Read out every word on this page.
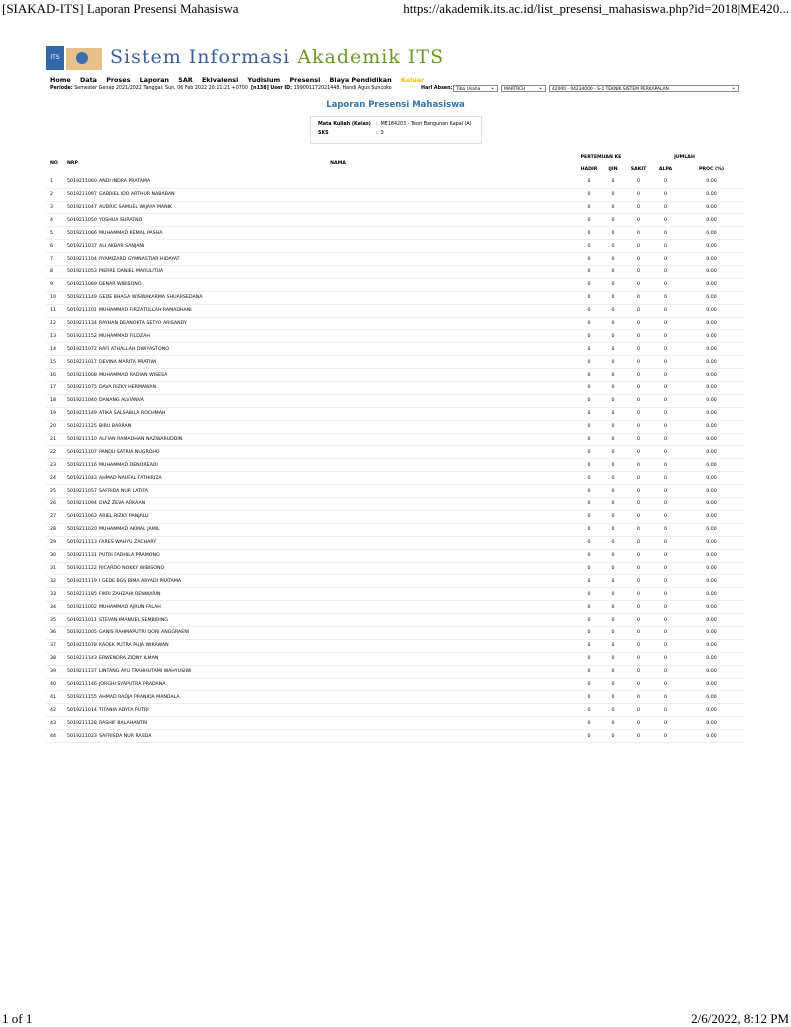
[SIAKAD-ITS] Laporan Presensi Mahasiswa	https://akademik.its.ac.id/list_presensi_mahasiswa.php?id=2018|ME420...
ITS	Sistem Informasi Akademik ITS
Home Data Proses Laporan SAR Ekivalensi Yudisium Presensi Biaya Pendidikan Keluar
Periode: Semester Genap 2021/2022 Tanggal: Sun, 06 Feb 2022 20:11:21 +0700 [n138] User ID: 199001172021448, Handi Agus Suncoko	Hari Absen: Tiba Usaha ⌄	MARTRCH ⌄	42000 - 04234000 - S-1 TEKNIK SISTEM PERKAPALAN ⌄
Laporan Presensi Mahasiswa
Mata Kuliah (Kelas) :  ME184203 - Teori Bangunan Kapal (A)
SKS	:  3
NO	NRP	NAMA	PERTEMUAN KE		JUMLAH		
			HADIR	IJIN	SAKIT	ALPA	PROC (%)
1	5019211060	ANDI INDRA PRATAMA	0	0	0	0	0.00
2	5019211097	GABRIEL IDO ARTHUR NABABAN	0	0	0	0	0.00
3	5019211047	AUDRIC SAMUEL WIJAYA MANIK	0	0	0	0	0.00
4	5019211050	YOSHUA SURATNO	0	0	0	0	0.00
5	5019211066	MUHAMMAD KEMAL PASHA	0	0	0	0	0.00
6	5019211037	ALI AKBAR SANJANI	0	0	0	0	0.00
7	5019211104	RYAMIZARD GYMNASTIAR HIDAYAT	0	0	0	0	0.00
8	5019211053	PIERRE DANIEL MARULITUA	0	0	0	0	0.00
9	5019211069	DENAR WIBISONO	0	0	0	0	0.00
10	5019211149	GEDE BHAGA WISWAKARMA SHUARSEDANA	0	0	0	0	0.00
11	5019211101	MUHAMMAD FIRZATULLAH RAMADHANI	0	0	0	0	0.00
12	5019211134	RAYHAN DEANOKTA SETYO ARISANDY	0	0	0	0	0.00
13	5019211152	MUHAMMAD FILDZAH	0	0	0	0	0.00
14	5019211072	RAFI ATHALLAH DWIYASTONO	0	0	0	0	0.00
15	5019211017	DEVINA MARITA PRATIWI	0	0	0	0	0.00
16	5019211008	MUHAMMAD RADIAN WISESA	0	0	0	0	0.00
17	5019211075	DAVA RIZKY HERMAWAN	0	0	0	0	0.00
18	5019211040	DANANG ALVIANVA	0	0	0	0	0.00
19	5019211149	ATIKA SALSABILA ROCHMAH	0	0	0	0	0.00
20	5019211125	BIRU BARRAN	0	0	0	0	0.00
21	5019211110	ALFIAN RAMADHAN NAZWARUDDIN	0	0	0	0	0.00
22	5019211107	PANDU SATRIA NUGROHO	0	0	0	0	0.00
23	5019211116	MUHAMMAD DENOREADI	0	0	0	0	0.00
24	5019211043	AHMAD NAUFAL FATHIRIZA	0	0	0	0	0.00
25	5019211057	SAFRIDA NUR LATIFA	0	0	0	0	0.00
26	5019211094	DIAZ ZEVA ARKAAN	0	0	0	0	0.00
27	5019211063	ARIEL RIZKY PANJALU	0	0	0	0	0.00
28	5019211020	MUHAMMAD AKMAL JAMIL	0	0	0	0	0.00
29	5019211113	FARES WAHYU ZACHARY	0	0	0	0	0.00
30	5019211131	PUTRI FADHILA PRAMONO	0	0	0	0	0.00
31	5019211122	RICARDO NOKKY WIBISONO	0	0	0	0	0.00
32	5019211119	I GEDE BGS BIMA ARYADI PRATAMA	0	0	0	0	0.00
33	5019211185	FIKRI ZAHZAHI RENWARIN	0	0	0	0	0.00
34	5019211002	MUHAMMAD AJRUN FALAH	0	0	0	0	0.00
35	5019211011	STEVAN IMANUEL SEMBIRING	0	0	0	0	0.00
36	5019211005	GANIS RAHMAPUTRI QORI ANGGRAENI	0	0	0	0	0.00
37	5019211078	KADEK PUTRA PUJA WIRAWAN	0	0	0	0	0.00
38	5019211143	ERWENDRA ZIDNY ILMAN	0	0	0	0	0.00
39	5019211137	LINTANG AYU TRAHHUTAMI WAHYUSIWI	0	0	0	0	0.00
40	5019211146	JORGHI SYAPUTRA PRADANA	0	0	0	0	0.00
41	5019211155	AHMAD RADJA PRANIDA MANDALA	0	0	0	0	0.00
42	5019211014	TITANIA ADYFA PUTRI	0	0	0	0	0.00
43	5019211128	RASHIF BALAHANTRI	0	0	0	0	0.00
44	5019211023	SAFRISDA NUR RASDA	0	0	0	0	0.00
1 of 1	2/6/2022, 8:12 PM
